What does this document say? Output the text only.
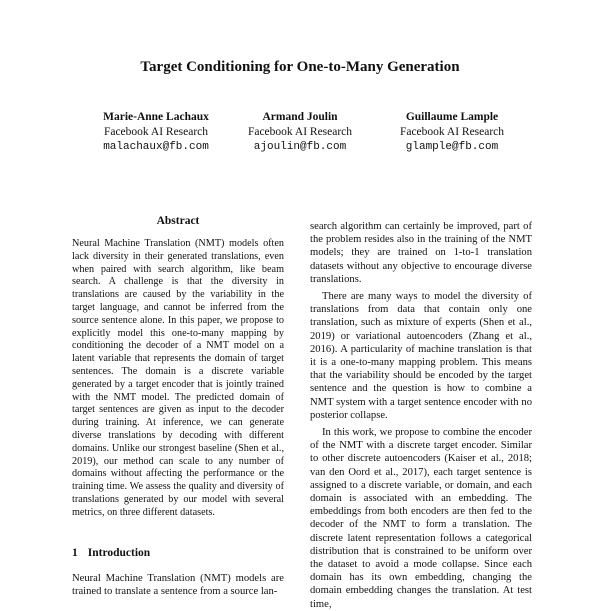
Target Conditioning for One-to-Many Generation
Marie-Anne Lachaux
Facebook AI Research
malachaux@fb.com
Armand Joulin
Facebook AI Research
ajoulin@fb.com
Guillaume Lample
Facebook AI Research
glample@fb.com
Abstract

Neural Machine Translation (NMT) models often lack diversity in their generated translations, even when paired with search algorithm, like beam search. A challenge is that the diversity in translations are caused by the variability in the target language, and cannot be inferred from the source sentence alone. In this paper, we propose to explicitly model this one-to-many mapping by conditioning the decoder of a NMT model on a latent variable that represents the domain of target sentences. The domain is a discrete variable generated by a target encoder that is jointly trained with the NMT model. The predicted domain of target sentences are given as input to the decoder during training. At inference, we can generate diverse translations by decoding with different domains. Unlike our strongest baseline (Shen et al., 2019), our method can scale to any number of domains without affecting the performance or the training time. We assess the quality and diversity of translations generated by our model with several metrics, on three different datasets.

1 Introduction
Neural Machine Translation (NMT) models are trained to translate a sentence from a source lan-

search algorithm can certainly be improved, part of the problem resides also in the training of the NMT models; they are trained on 1-to-1 translation datasets without any objective to encourage diverse translations.

There are many ways to model the diversity of translations from data that contain only one translation, such as mixture of experts (Shen et al., 2019) or variational autoencoders (Zhang et al., 2016). A particularity of machine translation is that it is a one-to-many mapping problem. This means that the variability should be encoded by the target sentence and the question is how to combine a NMT system with a target sentence encoder with no posterior collapse.

In this work, we propose to combine the encoder of the NMT with a discrete target encoder. Similar to other discrete autoencoders (Kaiser et al., 2018; van den Oord et al., 2017), each target sentence is assigned to a discrete variable, or domain, and each domain is associated with an embedding. The embeddings from both encoders are then fed to the decoder of the NMT to form a translation. The discrete latent representation follows a categorical distribution that is constrained to be uniform over the dataset to avoid a mode collapse. Since each domain has its own embedding, changing the domain embedding changes the translation. At test time,
